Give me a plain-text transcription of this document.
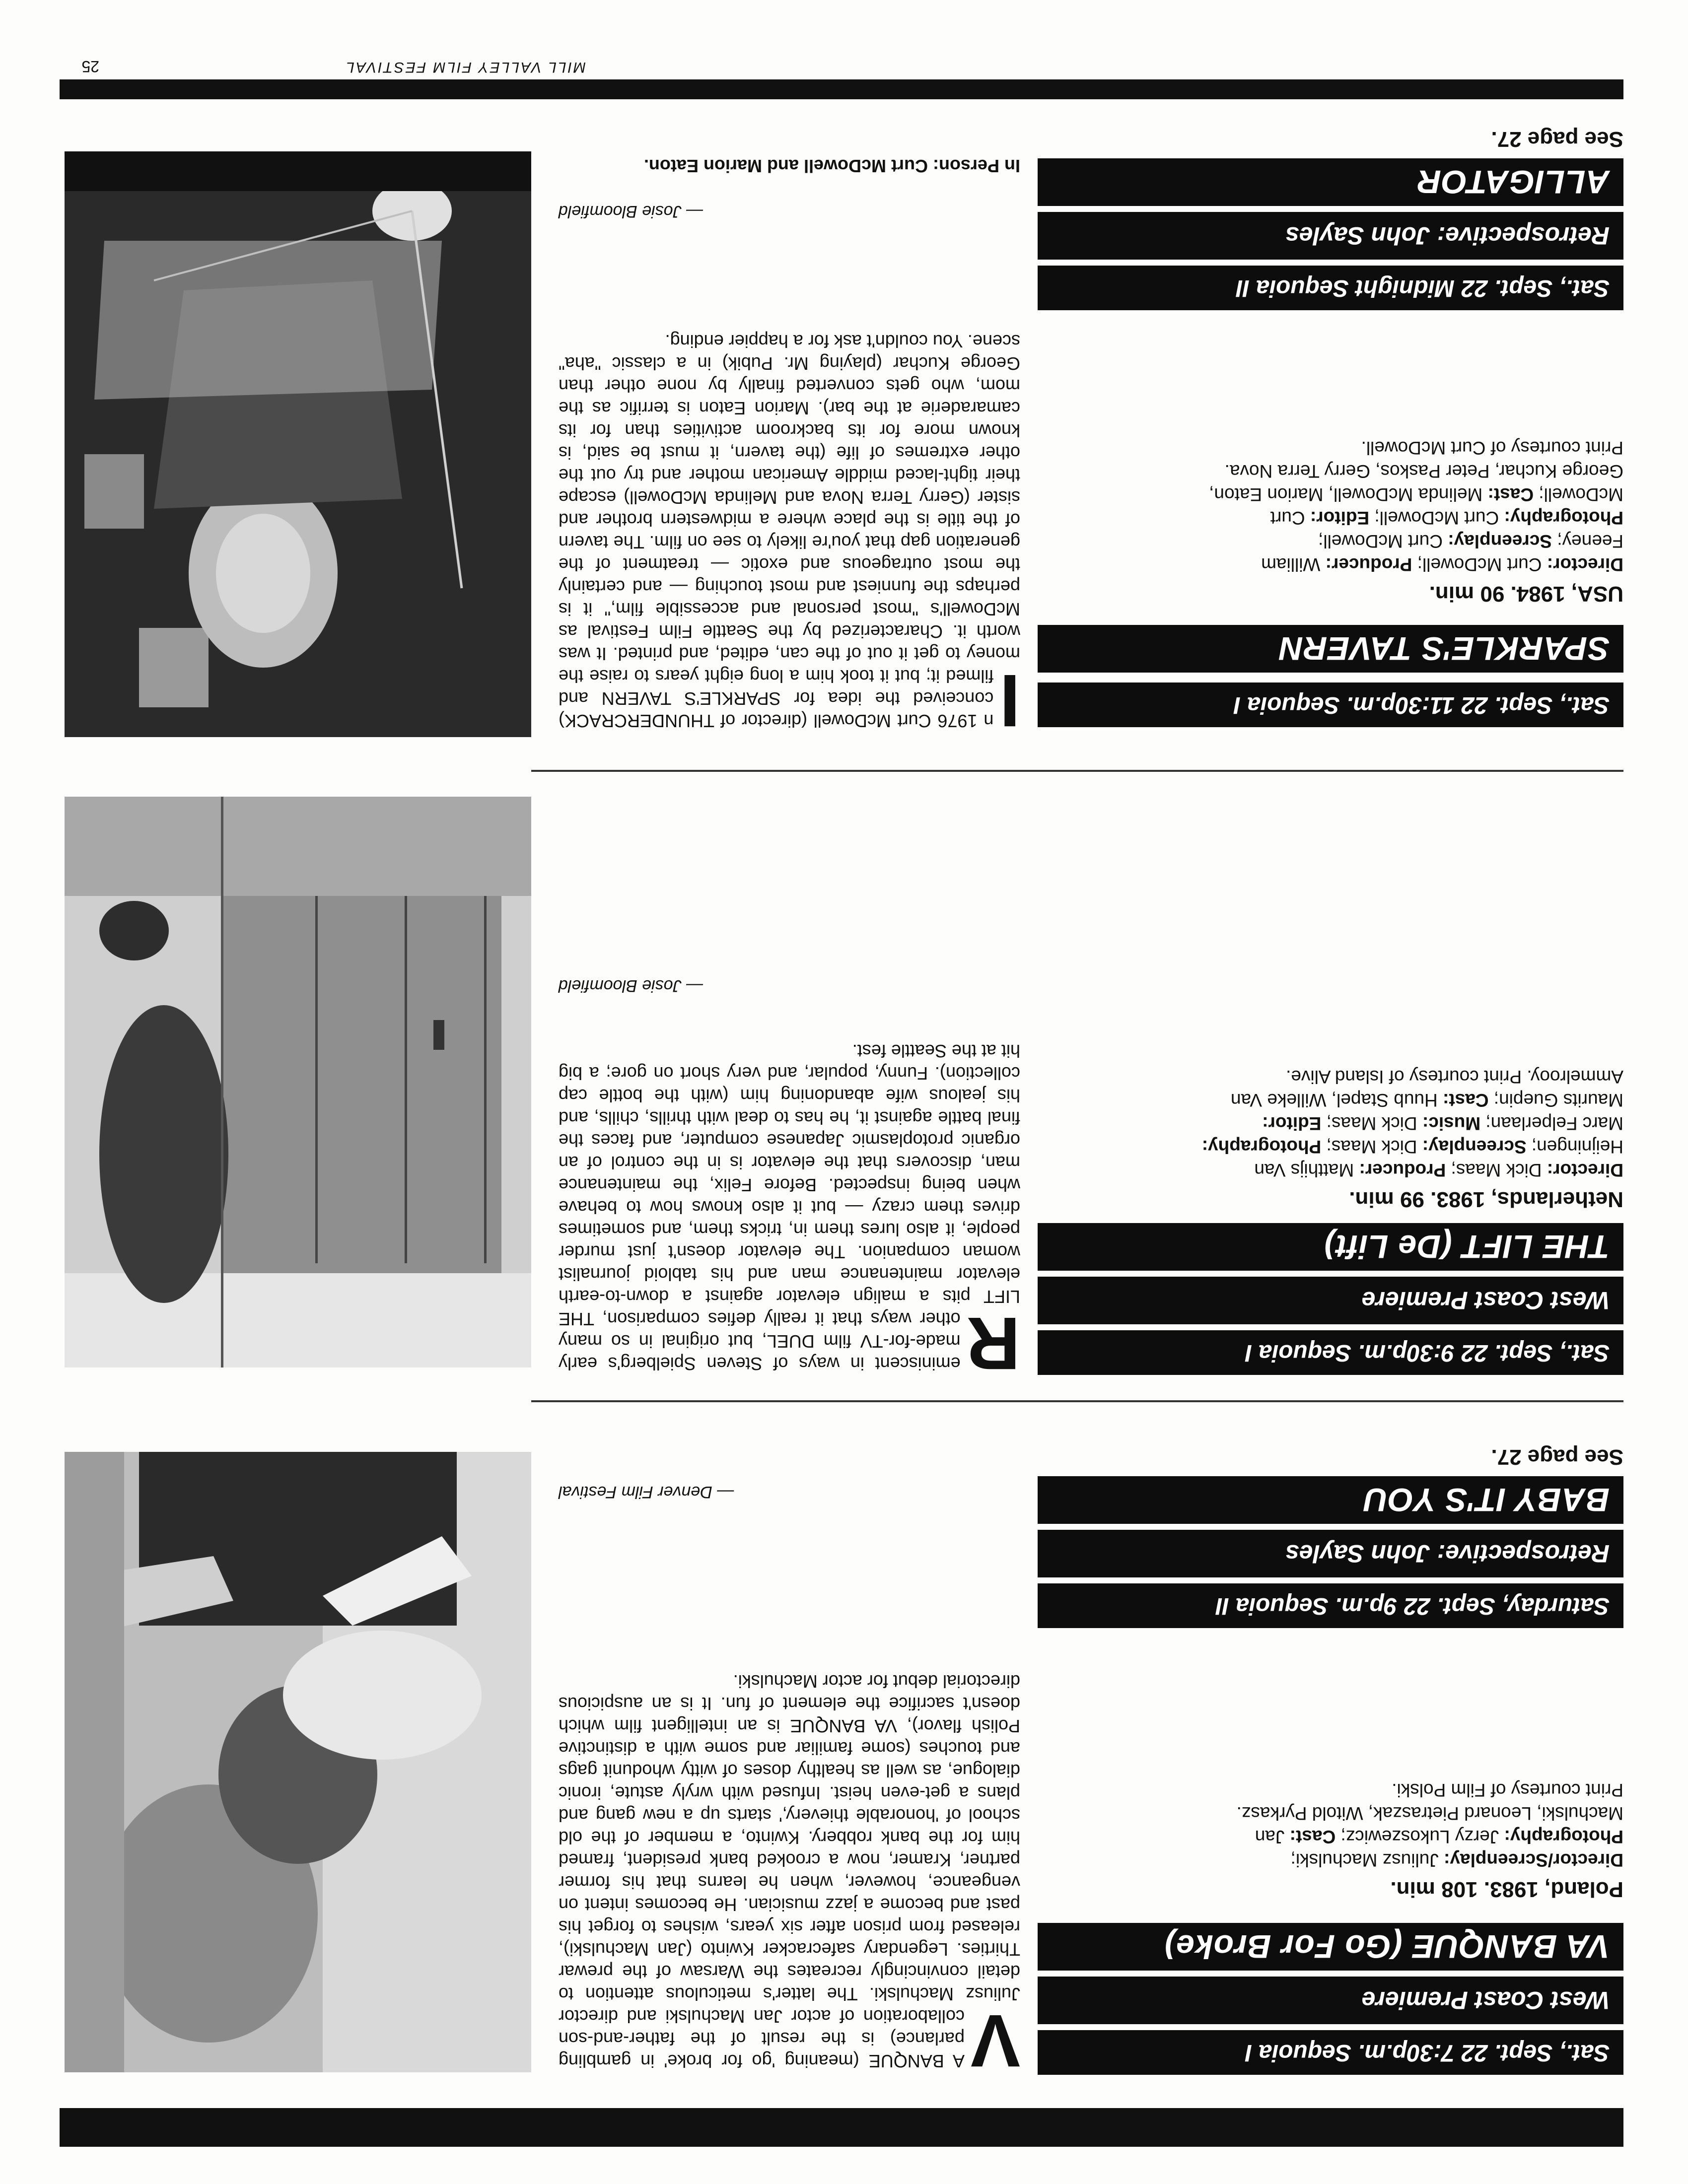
Sat., Sept. 22 7:30p.m. Sequoia I
West Coast Premiere
VA BANQUE (Go For Broke)
Poland, 1983. 108 min.

Director/Screenplay: Juliusz Machulski; Photography: Jerzy Lukoszewicz; Cast: Jan Machulski, Leonard Pietraszak, Witold Pyrkasz. Print courtesy of Film Polski.

V
A BANQUE (meaning 'go for broke' in gambling parlance) is the result of the father-and-son collaboration of actor Jan Machulski and director Juliusz Machulski. The latter's meticulous attention to detail convincingly recreates the Warsaw of the prewar Thirties. Legendary safecracker Kwinto (Jan Machulski), released from prison after six years, wishes to forget his past and become a jazz musician. He becomes intent on vengeance, however, when he learns that his former partner, Kramer, now a crooked bank president, framed him for the bank robbery. Kwinto, a member of the old school of 'honorable thievery,' starts up a new gang and plans a get-even heist. Infused with wryly astute, ironic dialogue, as well as healthy doses of witty whodunit gags and touches (some familiar and some with a distinctive Polish flavor), VA BANQUE is an intelligent film which doesn't sacrifice the element of fun. It is an auspicious directorial debut for actor Machulski.

— Denver Film Festival
Saturday, Sept. 22 9p.m. Sequoia II
Retrospective: John Sayles
BABY IT'S YOU
See page 27.
Sat., Sept. 22 9:30p.m. Sequoia I
West Coast Premiere
THE LIFT (De Lift)
Netherlands, 1983. 99 min.

Director: Dick Maas; Producer: Matthijs Van Heijningen; Screenplay: Dick Maas; Photography: Marc Felperlaan; Music: Dick Maas; Editor: Maurits Guepin; Cast: Huub Stapel, Willeke Van Ammelrooy. Print courtesy of Island Alive.

R
eminiscent in ways of Steven Spielberg's early made-for-TV film DUEL, but original in so many other ways that it really defies comparison, THE LIFT pits a malign elevator against a down-to-earth elevator maintenance man and his tabloid journalist woman companion. The elevator doesn't just murder people, it also lures them in, tricks them, and sometimes drives them crazy — but it also knows how to behave when being inspected. Before Felix, the maintenance man, discovers that the elevator is in the control of an organic protoplasmic Japanese computer, and faces the final battle against it, he has to deal with thrills, chills, and his jealous wife abandoning him (with the bottle cap collection). Funny, popular, and very short on gore; a big hit at the Seattle fest.

— Josie Bloomfield
Sat., Sept. 22 11:30p.m. Sequoia I
SPARKLE'S TAVERN
USA, 1984. 90 min.

Director: Curt McDowell; Producer: William Feeney; Screenplay: Curt McDowell; Photography: Curt McDowell; Editor: Curt McDowell; Cast: Melinda McDowell, Marion Eaton, George Kuchar, Peter Paskos, Gerry Terra Nova. Print courtesy of Curt McDowell.

I
n 1976 Curt McDowell (director of THUNDERCRACK) conceived the idea for SPARKLE'S TAVERN and filmed it; but it took him a long eight years to raise the money to get it out of the can, edited, and printed. It was worth it. Characterized by the Seattle Film Festival as McDowell's "most personal and accessible film," it is perhaps the funniest and most touching — and certainly the most outrageous and exotic — treatment of the generation gap that you're likely to see on film. The tavern of the title is the place where a midwestern brother and sister (Gerry Terra Nova and Melinda McDowell) escape their tight-laced middle American mother and try out the other extremes of life (the tavern, it must be said, is known more for its backroom activities than for its camaraderie at the bar). Marion Eaton is terrific as the mom, who gets converted finally by none other than George Kuchar (playing Mr. Pubik) in a classic "aha" scene. You couldn't ask for a happier ending.

— Josie Bloomfield
In Person: Curt McDowell and Marion Eaton.
Sat., Sept. 22 Midnight Sequoia II
Retrospective: John Sayles
ALLIGATOR
See page 27.
MILL VALLEY FILM FESTIVAL
25
